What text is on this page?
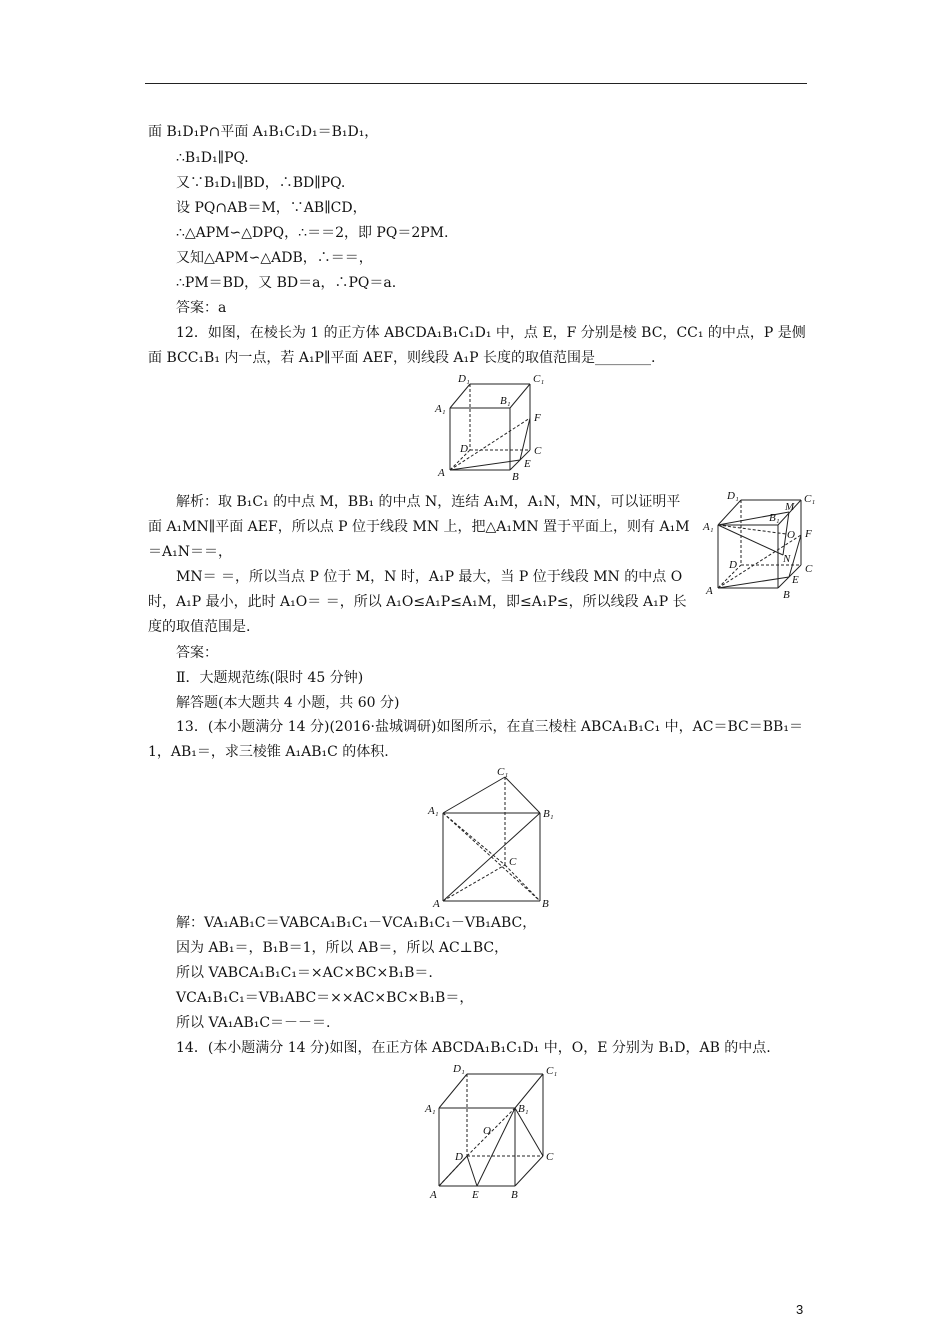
面 B₁D₁P∩平面 A₁B₁C₁D₁＝B₁D₁，
∴B₁D₁∥PQ.
又∵B₁D₁∥BD，∴BD∥PQ.
设 PQ∩AB＝M，∵AB∥CD，
∴△APM∽△DPQ，∴＝＝2，即 PQ＝2PM.
又知△APM∽△ADB，∴＝＝，
∴PM＝BD，又 BD＝a，∴PQ＝a.
答案：a
12．如图，在棱长为 1 的正方体 ABCDA₁B₁C₁D₁ 中，点 E，F 分别是棱 BC，CC₁ 的中点，P 是侧面 BCC₁B₁ 内一点，若 A₁P∥平面 AEF，则线段 A₁P 长度的取值范围是________.
D₁	C₁
A₁
B₁
F
D	C
A
E
B
解析：取 B₁C₁ 的中点 M，BB₁ 的中点 N，连结 A₁M，A₁N，MN，可以证明平面 A₁MN∥平面 AEF，所以点 P 位于线段 MN 上，把△A₁MN 置于平面上，则有 A₁M＝A₁N＝＝，
MN＝ ＝，所以当点 P 位于 M，N 时，A₁P 最大，当 P 位于线段 MN 的中点 O 时，A₁P 最小，此时 A₁O＝ ＝，所以 A₁O≤A₁P≤A₁M，即≤A₁P≤，所以线段 A₁P 长度的取值范围是.
答案：
D₁	C₁
A₁
B₁
M
O F
N
D	C
A
E
B
Ⅱ．大题规范练(限时 45 分钟)
解答题(本大题共 4 小题，共 60 分)
13．(本小题满分 14 分)(2016·盐城调研)如图所示，在直三棱柱 ABCA₁B₁C₁ 中，AC＝BC＝BB₁＝1，AB₁＝，求三棱锥 A₁AB₁C 的体积.
C₁
A₁	B₁
C
A	B
解：VA₁AB₁C＝VABCA₁B₁C₁－VCA₁B₁C₁－VB₁ABC，
因为 AB₁＝，B₁B＝1，所以 AB＝，所以 AC⊥BC，
所以 VABCA₁B₁C₁＝×AC×BC×B₁B＝.
VCA₁B₁C₁＝VB₁ABC＝××AC×BC×B₁B＝，
所以 VA₁AB₁C＝－－＝.
14．(本小题满分 14 分)如图，在正方体 ABCDA₁B₁C₁D₁ 中，O，E 分别为 B₁D，AB 的中点.
D₁	C₁
A₁	B₁
O
D	C
A	E	B
3
